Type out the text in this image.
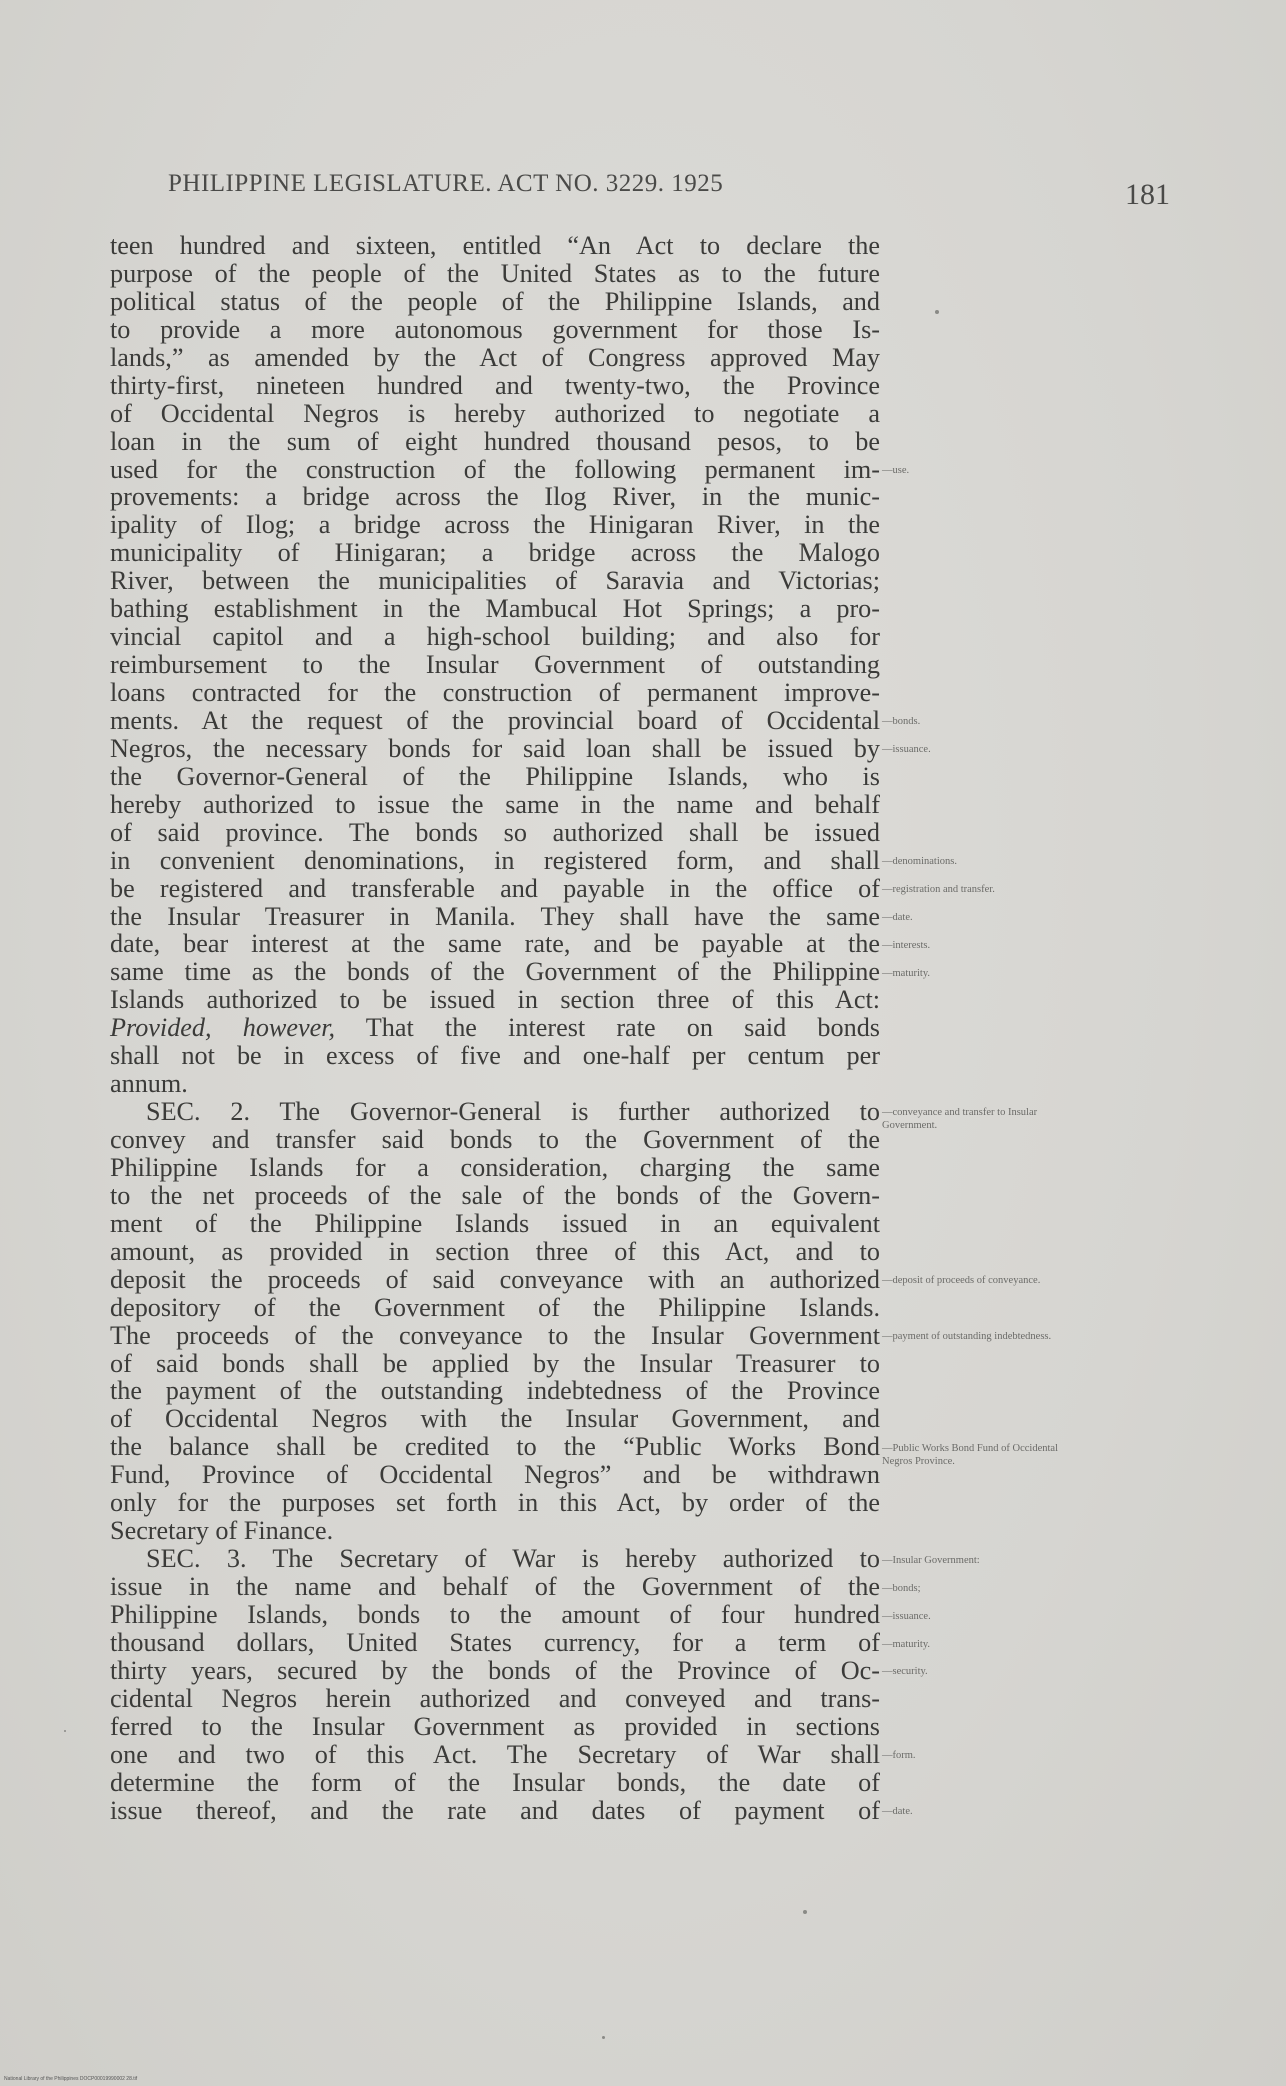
PHILIPPINE LEGISLATURE. ACT NO. 3229. 1925	181
teen hundred and sixteen, entitled “An Act to declare the
purpose of the people of the United States as to the future
political status of the people of the Philippine Islands, and
to provide a more autonomous government for those Is-
lands,” as amended by the Act of Congress approved May
thirty-first, nineteen hundred and twenty-two, the Province
of Occidental Negros is hereby authorized to negotiate a
loan in the sum of eight hundred thousand pesos, to be
used for the construction of the following permanent im-
provements: a bridge across the Ilog River, in the munic-
ipality of Ilog; a bridge across the Hinigaran River, in the
municipality of Hinigaran; a bridge across the Malogo
River, between the municipalities of Saravia and Victorias;
bathing establishment in the Mambucal Hot Springs; a pro-
vincial capitol and a high-school building; and also for
reimbursement to the Insular Government of outstanding
loans contracted for the construction of permanent improve-
ments. At the request of the provincial board of Occidental
Negros, the necessary bonds for said loan shall be issued by
the Governor-General of the Philippine Islands, who is
hereby authorized to issue the same in the name and behalf
of said province. The bonds so authorized shall be issued
in convenient denominations, in registered form, and shall
be registered and transferable and payable in the office of
the Insular Treasurer in Manila. They shall have the same
date, bear interest at the same rate, and be payable at the
same time as the bonds of the Government of the Philippine
Islands authorized to be issued in section three of this Act:
Provided, however, That the interest rate on said bonds
shall not be in excess of five and one-half per centum per
annum.
SEC. 2. The Governor-General is further authorized to
convey and transfer said bonds to the Government of the
Philippine Islands for a consideration, charging the same
to the net proceeds of the sale of the bonds of the Govern-
ment of the Philippine Islands issued in an equivalent
amount, as provided in section three of this Act, and to
deposit the proceeds of said conveyance with an authorized
depository of the Government of the Philippine Islands.
The proceeds of the conveyance to the Insular Government
of said bonds shall be applied by the Insular Treasurer to
the payment of the outstanding indebtedness of the Province
of Occidental Negros with the Insular Government, and
the balance shall be credited to the “Public Works Bond
Fund, Province of Occidental Negros” and be withdrawn
only for the purposes set forth in this Act, by order of the
Secretary of Finance.
SEC. 3. The Secretary of War is hereby authorized to
issue in the name and behalf of the Government of the
Philippine Islands, bonds to the amount of four hundred
thousand dollars, United States currency, for a term of
thirty years, secured by the bonds of the Province of Oc-
cidental Negros herein authorized and conveyed and trans-
ferred to the Insular Government as provided in sections
one and two of this Act. The Secretary of War shall
determine the form of the Insular bonds, the date of
issue thereof, and the rate and dates of payment of
—use.
—bonds.
—issuance.
—denominations.
—registration and transfer.
—date.
—interests.
—maturity.
—conveyance and transfer to Insular Government.
—deposit of proceeds of conveyance.
—payment of outstanding indebtedness.
—Public Works Bond Fund of Occidental Negros Province.
—Insular Government:
—bonds;
—issuance.
—maturity.
—security.
—form.
—date.
National Library of the Philippines DOCP00019990002 28.tif
